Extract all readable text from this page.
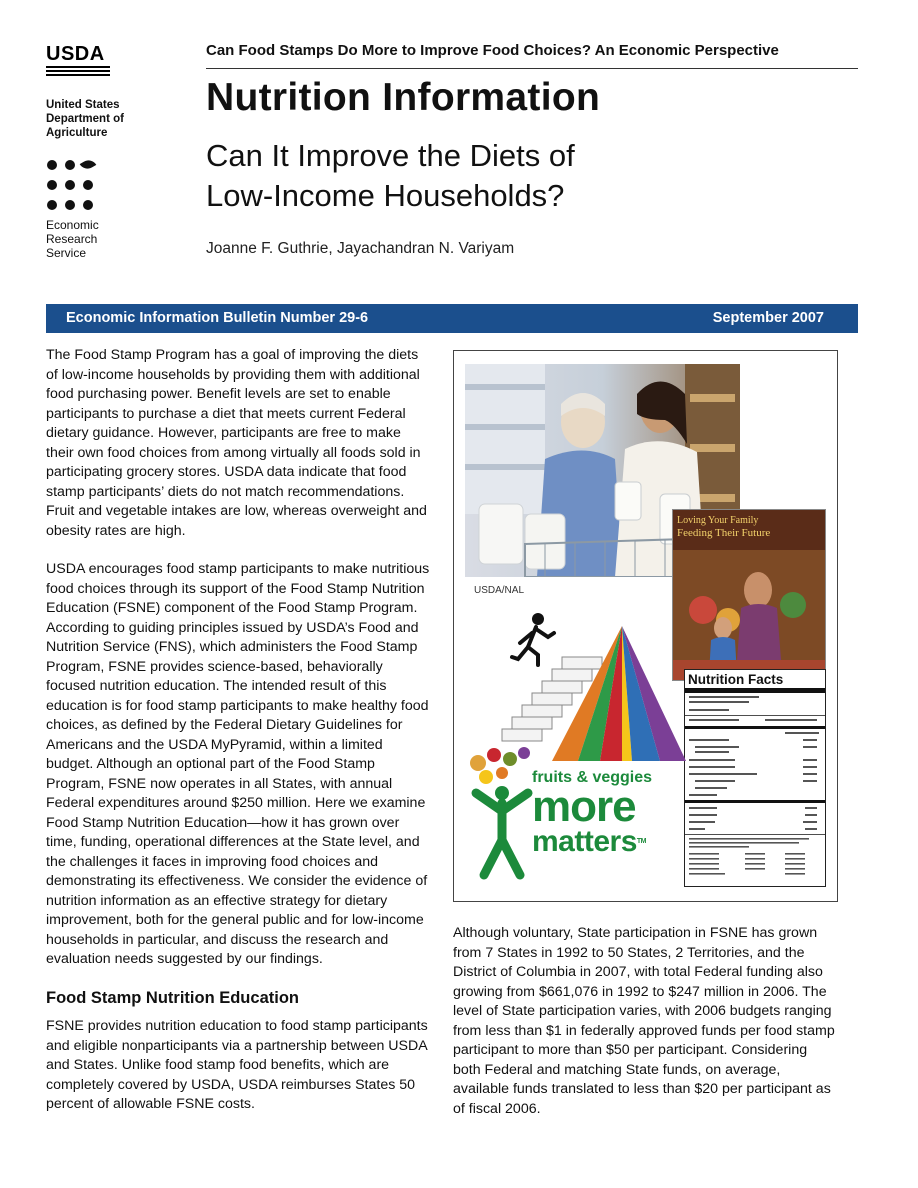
USDA
United States
Department of
Agriculture
Economic
Research
Service
Can Food Stamps Do More to Improve Food Choices? An Economic Perspective
Nutrition Information
Can It Improve the Diets of
Low-Income Households?
Joanne F. Guthrie, Jayachandran N. Variyam
Economic Information Bulletin Number 29-6	September 2007

The Food Stamp Program has a goal of improving the diets of low-income households by providing them with additional food purchasing power. Benefit levels are set to enable participants to purchase a diet that meets current Federal dietary guidance. However, participants are free to make their own food choices from among virtually all foods sold in participating grocery stores. USDA data indicate that food stamp participants’ diets do not match recommendations. Fruit and vegetable intakes are low, whereas overweight and obesity rates are high.

USDA encourages food stamp participants to make nutritious food choices through its support of the Food Stamp Nutrition Education (FSNE) component of the Food Stamp Program. According to guiding principles issued by USDA’s Food and Nutrition Service (FNS), which administers the Food Stamp Program, FSNE provides science-based, behaviorally focused nutrition education. The intended result of this education is for food stamp participants to make healthy food choices, as defined by the Federal Dietary Guidelines for Americans and the USDA MyPyramid, within a limited budget. Although an optional part of the Food Stamp Program, FSNE now operates in all States, with annual Federal expenditures around $250 million. Here we examine Food Stamp Nutrition Education—how it has grown over time, funding, operational differences at the State level, and the challenges it faces in improving food choices and demonstrating its effectiveness. We consider the evidence of nutrition information as an effective strategy for dietary improvement, both for the general public and for low-income households in particular, and discuss the research and evaluation needs suggested by our findings.

Food Stamp Nutrition Education

FSNE provides nutrition education to food stamp participants and eligible nonparticipants via a partnership between USDA and States. Unlike food stamp food benefits, which are completely covered by USDA, USDA reimburses States 50 percent of allowable FSNE costs.

USDA/NAL
Loving Your Family
Feeding Their Future
Nutrition Facts
fruits & veggies
more
mattersTM

Although voluntary, State participation in FSNE has grown from 7 States in 1992 to 50 States, 2 Territories, and the District of Columbia in 2007, with total Federal funding also growing from $661,076 in 1992 to $247 million in 2006. The level of State participation varies, with 2006 budgets ranging from less than $1 in federally approved funds per food stamp participant to more than $50 per participant. Considering both Federal and matching State funds, on average, available funds translated to less than $20 per participant as of fiscal 2006.
